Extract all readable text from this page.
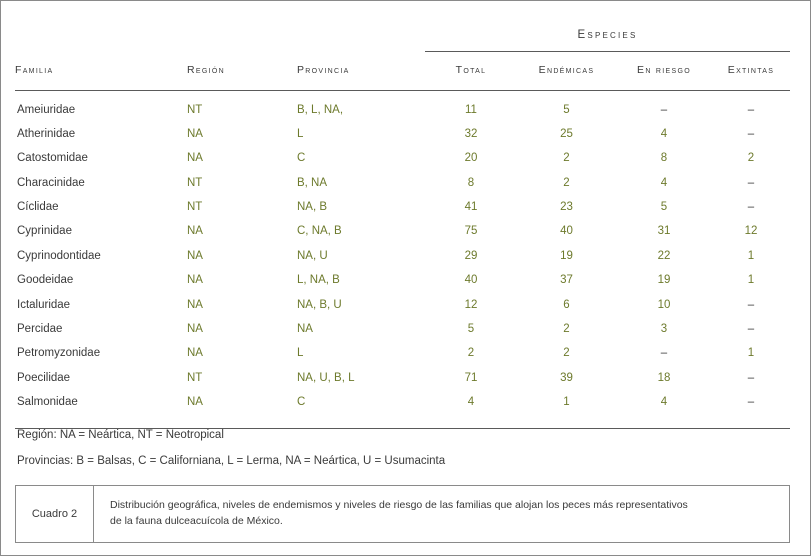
			Especies			
Familia	Región	Provincia	Total	Endémicas	En riesgo	Extintas

Ameiuridae	NT	B, L, NA,	11	5	–	–
Atherinidae	NA	L	32	25	4	–
Catostomidae	NA	C	20	2	8	2
Characinidae	NT	B, NA	8	2	4	–
Cíclidae	NT	NA, B	41	23	5	–
Cyprinidae	NA	C, NA, B	75	40	31	12
Cyprinodontidae	NA	NA, U	29	19	22	1
Goodeidae	NA	L, NA, B	40	37	19	1
Ictaluridae	NA	NA, B, U	12	6	10	–
Percidae	NA	NA	5	2	3	–
Petromyzonidae	NA	L	2	2	–	1
Poecilidae	NT	NA, U, B, L	71	39	18	–
Salmonidae	NA	C	4	1	4	–

Región: NA = Neártica, NT = Neotropical

Provincias: B = Balsas, C = Californiana, L = Lerma, NA = Neártica, U = Usumacinta

Cuadro 2
Distribución geográfica, niveles de endemismos y niveles de riesgo de las familias que alojan los peces más representativos
de la fauna dulceacuícola de México.
